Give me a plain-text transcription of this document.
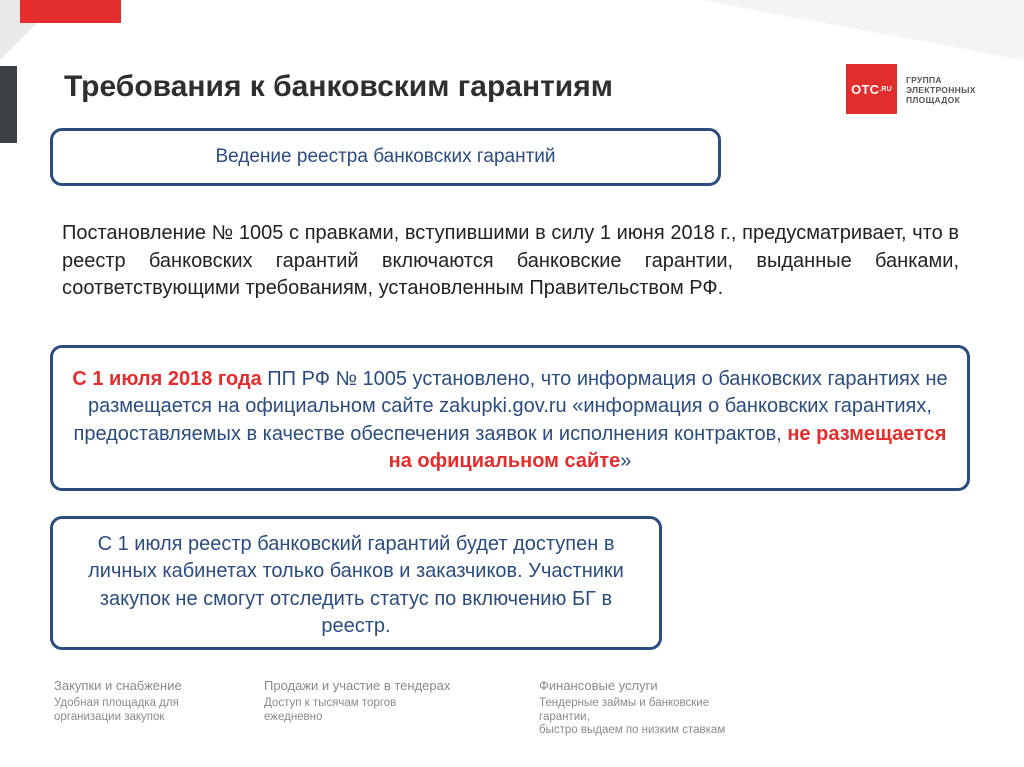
Требования к банковским гарантиям	ОТС .RU
ГРУППА
ЭЛЕКТРОННЫХ
ПЛОЩАДОК
Ведение реестра банковских гарантий

Постановление № 1005 с правками, вступившими в силу 1 июня 2018 г., предусматривает, что в реестр банковских гарантий включаются банковские гарантии, выданные банками, соответствующими требованиям, установленным Правительством РФ.

С 1 июля 2018 года ПП РФ № 1005 установлено, что информация о банковских гарантиях не размещается на официальном сайте zakupki.gov.ru «информация о банковских гарантиях, предоставляемых в качестве обеспечения заявок и исполнения контрактов, не размещается на официальном сайте»
С 1 июля реестр банковский гарантий будет доступен в личных кабинетах только банков и заказчиков. Участники закупок не смогут отследить статус по включению БГ в реестр.
Закупки и снабжение
Удобная площадка для
организации закупок
Продажи и участие в тендерах
Доступ к тысячам торгов
ежедневно
Финансовые услуги
Тендерные займы и банковские
гарантии,
быстро выдаем по низким ставкам
